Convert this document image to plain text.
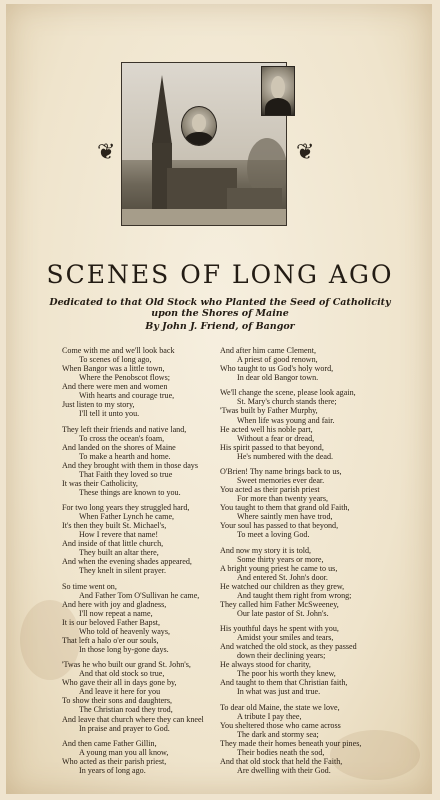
❦	❦
SCENES OF LONG AGO
Dedicated to that Old Stock who Planted the Seed of Catholicity
upon the Shores of Maine
By John J. Friend, of Bangor
Come with me and we'll look back
To scenes of long ago,
When Bangor was a little town,
Where the Penobscot flows;
And there were men and women
With hearts and courage true,
Just listen to my story,
I'll tell it unto you.
They left their friends and native land,
To cross the ocean's foam,
And landed on the shores of Maine
To make a hearth and home.
And they brought with them in those days
That Faith they loved so true
It was their Catholicity,
These things are known to you.
For two long years they struggled hard,
When Father Lynch he came,
It's then they built St. Michael's,
How I revere that name!
And inside of that little church,
They built an altar there,
And when the evening shades appeared,
They knelt in silent prayer.
So time went on,
And Father Tom O'Sullivan he came,
And here with joy and gladness,
I'll now repeat a name,
It is our beloved Father Bapst,
Who told of heavenly ways,
That left a halo o'er our souls,
In those long by-gone days.
'Twas he who built our grand St. John's,
And that old stock so true,
Who gave their all in days gone by,
And leave it here for you
To show their sons and daughters,
The Christian road they trod,
And leave that church where they can kneel
In praise and prayer to God.
And then came Father Gillin,
A young man you all know,
Who acted as their parish priest,
In years of long ago.
And after him came Clement,
A priest of good renown,
Who taught to us God's holy word,
In dear old Bangor town.
We'll change the scene, please look again,
St. Mary's church stands there;
'Twas built by Father Murphy,
When life was young and fair.
He acted well his noble part,
Without a fear or dread,
His spirit passed to that beyond,
He's numbered with the dead.
O'Brien! Thy name brings back to us,
Sweet memories ever dear.
You acted as their parish priest
For more than twenty years,
You taught to them that grand old Faith,
Where saintly men have trod,
Your soul has passed to that beyond,
To meet a loving God.
And now my story it is told,
Some thirty years or more,
A bright young priest he came to us,
And entered St. John's door.
He watched our children as they grew,
And taught them right from wrong;
They called him Father McSweeney,
Our late pastor of St. John's.
His youthful days he spent with you,
Amidst your smiles and tears,
And watched the old stock, as they passed
down their declining years;
He always stood for charity,
The poor his worth they knew,
And taught to them that Christian faith,
In what was just and true.
To dear old Maine, the state we love,
A tribute I pay thee,
You sheltered those who came across
The dark and stormy sea;
They made their homes beneath your pines,
Their bodies neath the sod,
And that old stock that held the Faith,
Are dwelling with their God.
